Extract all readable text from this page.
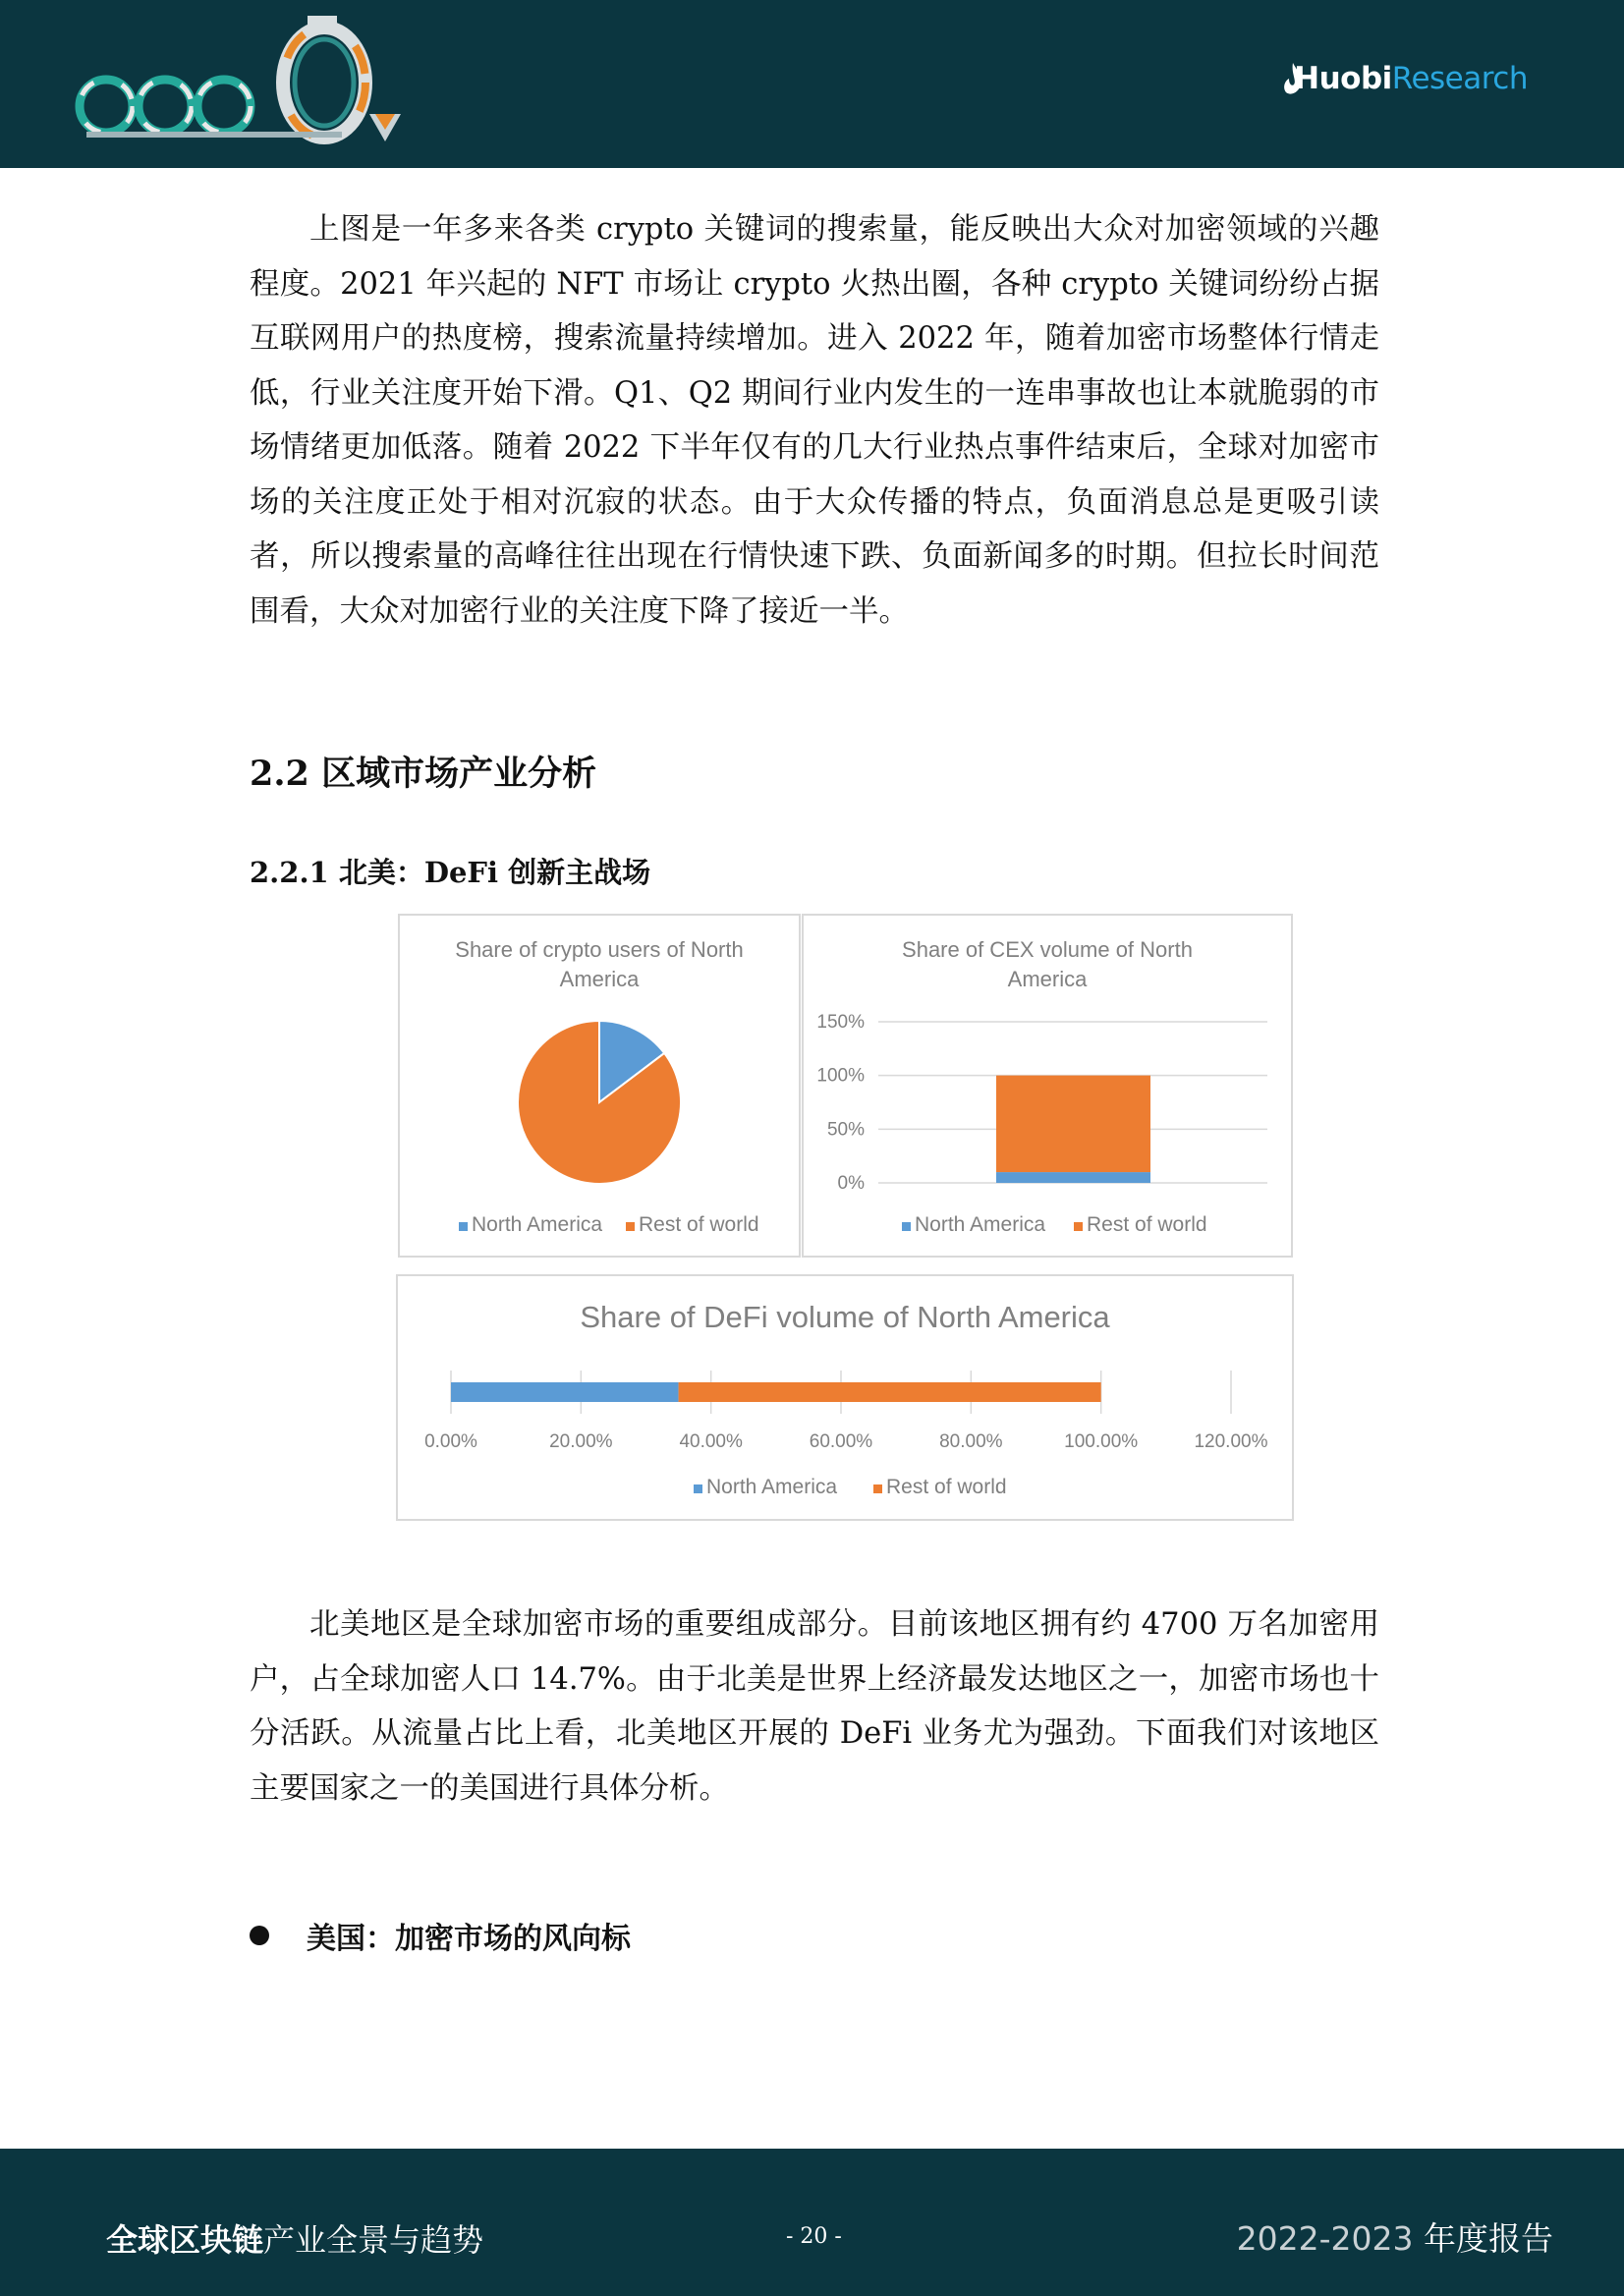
HuobiResearch

上图是一年多来各类 crypto 关键词的搜索量，能反映出大众对加密领域的兴趣程度。2021 年兴起的 NFT 市场让 crypto 火热出圈，各种 crypto 关键词纷纷占据互联网用户的热度榜，搜索流量持续增加。进入 2022 年，随着加密市场整体行情走低，行业关注度开始下滑。Q1、Q2 期间行业内发生的一连串事故也让本就脆弱的市场情绪更加低落。随着 2022 下半年仅有的几大行业热点事件结束后，全球对加密市场的关注度正处于相对沉寂的状态。由于大众传播的特点，负面消息总是更吸引读者，所以搜索量的高峰往往出现在行情快速下跌、负面新闻多的时期。但拉长时间范围看，大众对加密行业的关注度下降了接近一半。

2.2 区域市场产业分析
2.2.1 北美：DeFi 创新主战场
Share of crypto users of North
America
North America Rest of world
Share of CEX volume of North
America
0%
50%
100%
150%
North America Rest of world
Share of DeFi volume of North America
0.00%	20.00%	40.00%	60.00%	80.00%	100.00%	120.00%
North America Rest of world

北美地区是全球加密市场的重要组成部分。目前该地区拥有约 4700 万名加密用户，占全球加密人口 14.7%。由于北美是世界上经济最发达地区之一，加密市场也十分活跃。从流量占比上看，北美地区开展的 DeFi 业务尤为强劲。下面我们对该地区主要国家之一的美国进行具体分析。

美国：加密市场的风向标
全球区块链产业全景与趋势	- 20 -	2022-2023 年度报告
